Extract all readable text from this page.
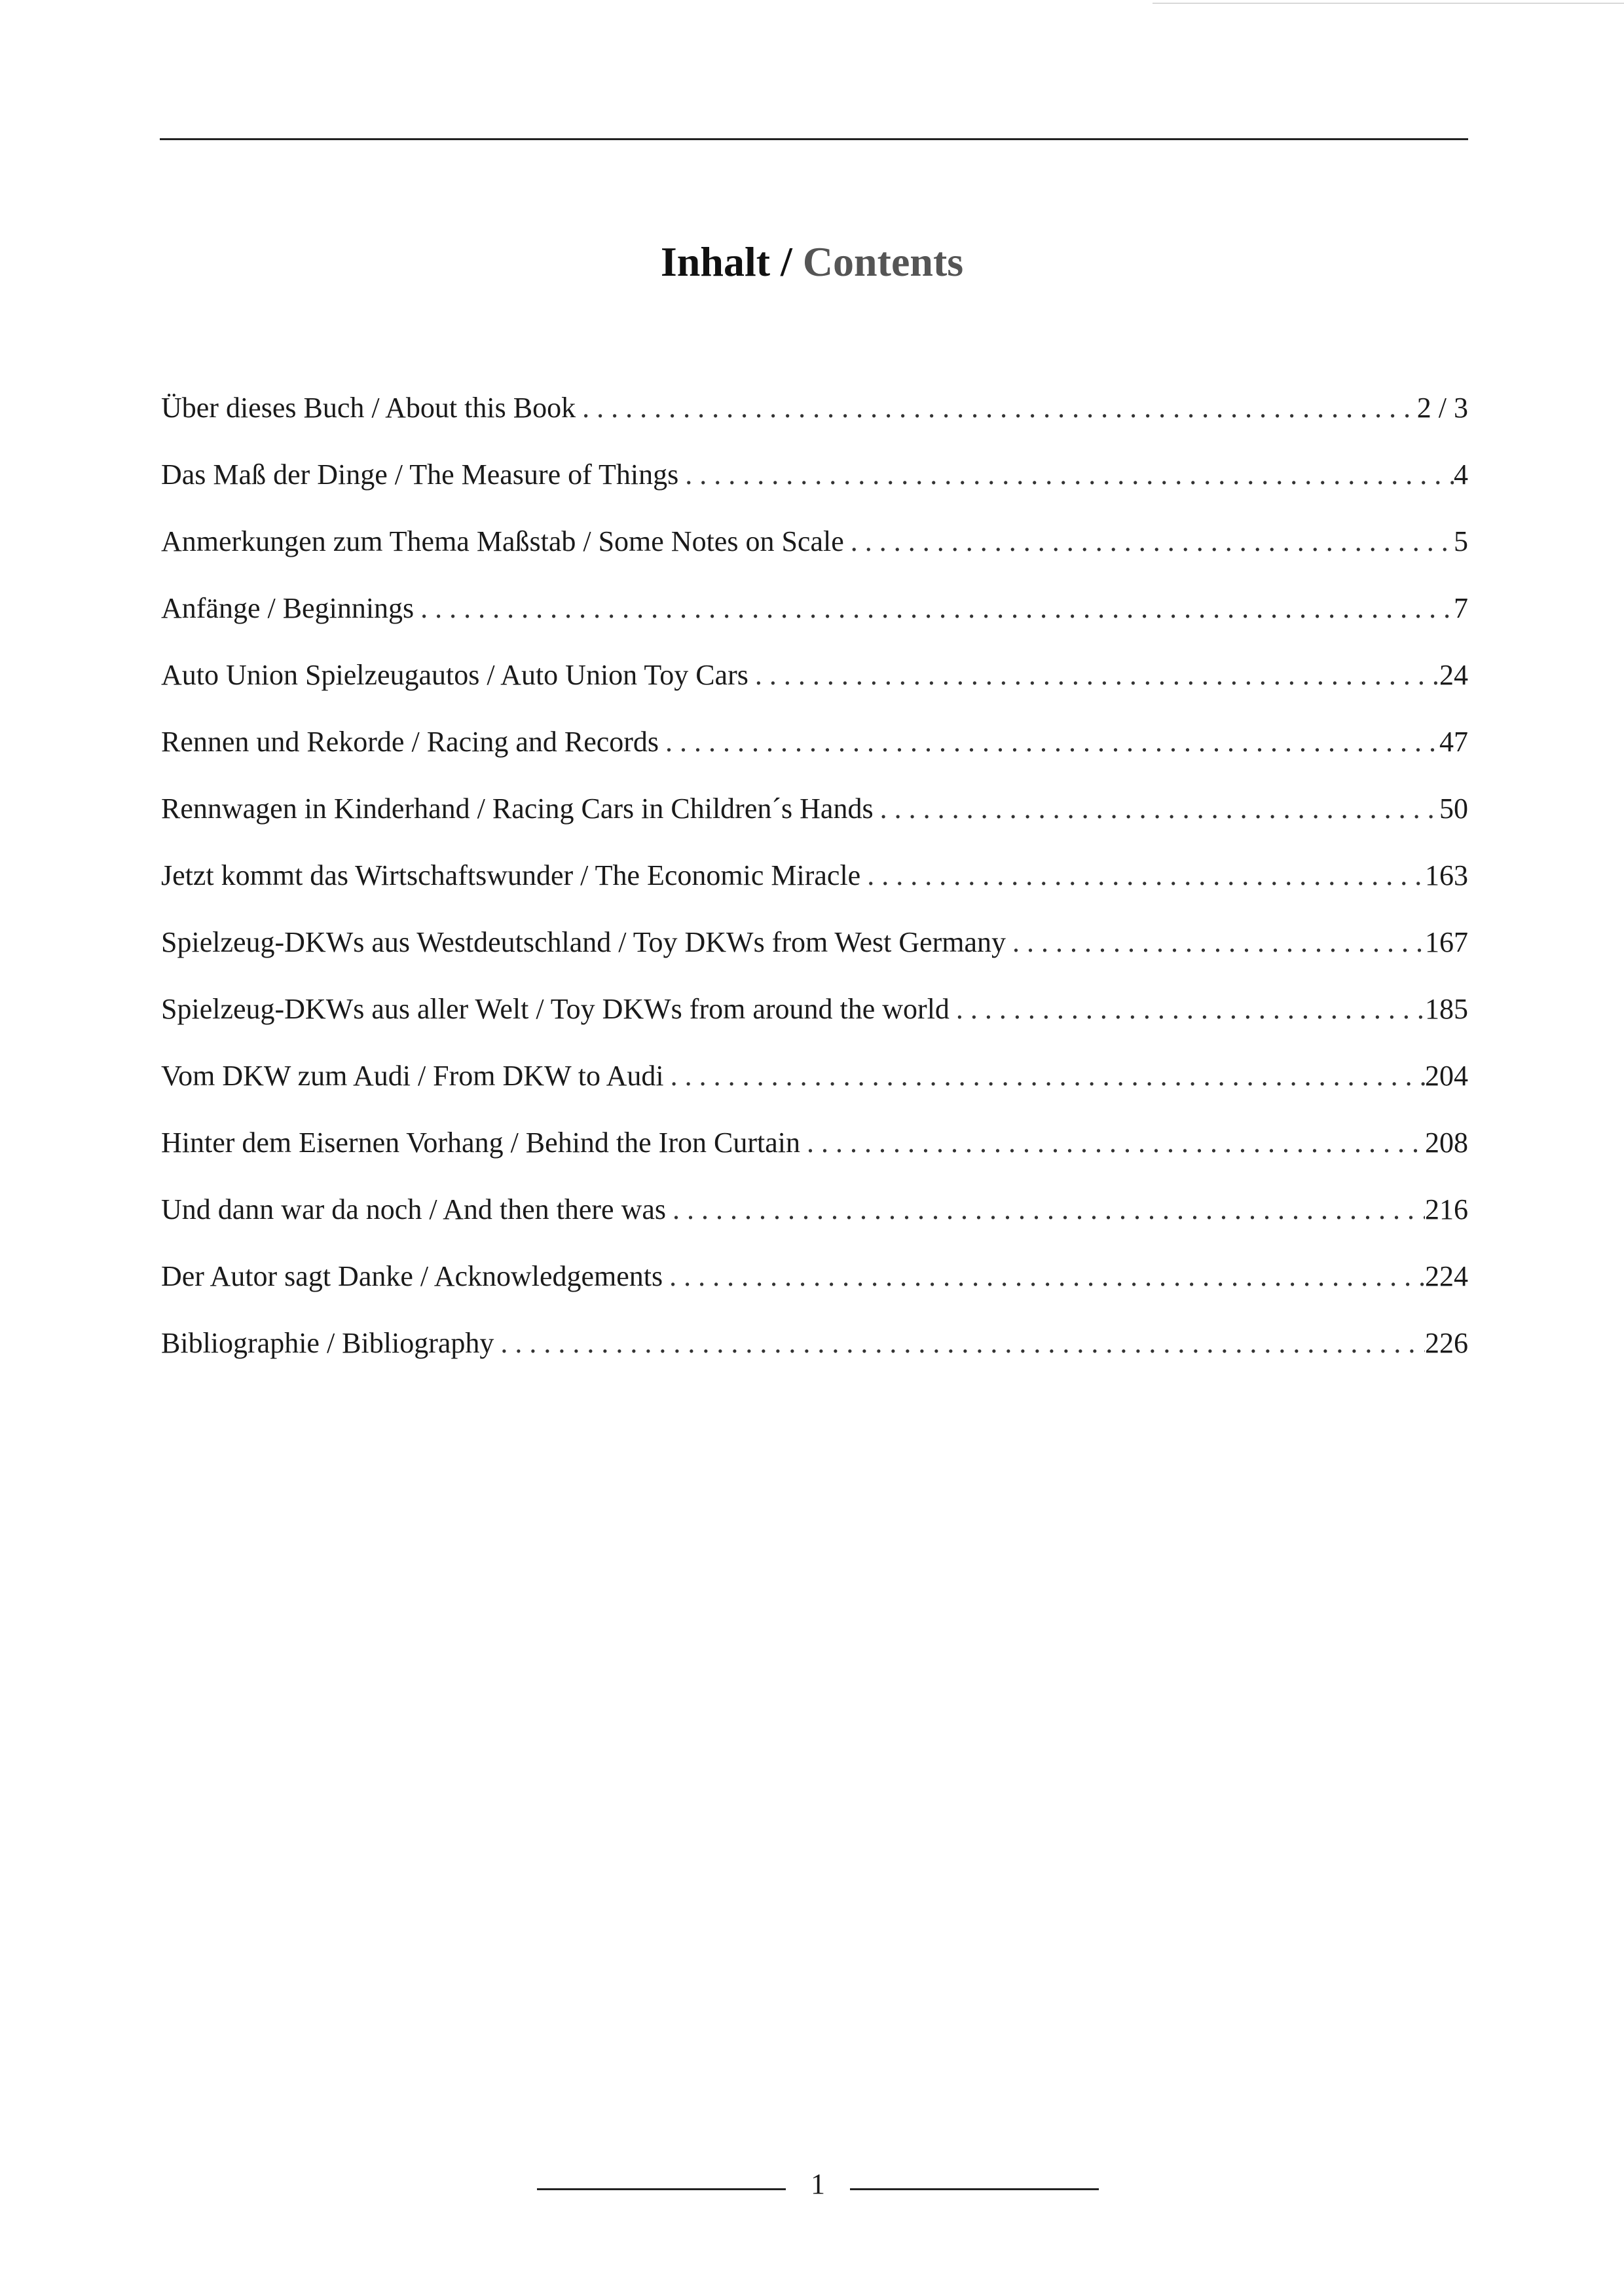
Inhalt / Contents
Über dieses Buch / About this Book . . .	2 / 3
Das Maß der Dinge / The Measure of Things . . .	4
Anmerkungen zum Thema Maßstab / Some Notes on Scale . . .	5
Anfänge / Beginnings . . .	7
Auto Union Spielzeugautos / Auto Union Toy Cars . . .	24
Rennen und Rekorde / Racing and Records . . .	47
Rennwagen in Kinderhand / Racing Cars in Children´s Hands . . .	50
Jetzt kommt das Wirtschaftswunder / The Economic Miracle . . .	163
Spielzeug-DKWs aus Westdeutschland / Toy DKWs from West Germany . . .	167
Spielzeug-DKWs aus aller Welt / Toy DKWs from around the world . . .	185
Vom DKW zum Audi / From DKW to Audi . . .	204
Hinter dem Eisernen Vorhang / Behind the Iron Curtain . . .	208
Und dann war da noch / And then there was . . .	216
Der Autor sagt Danke / Acknowledgements . . .	224
Bibliographie / Bibliography . . .	226
1
